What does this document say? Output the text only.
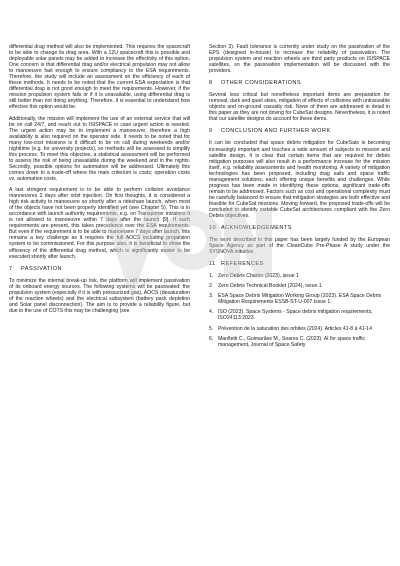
differential drag method will also be implemented. This requires the spacecraft to be able to change its drag area. With a 12U spacecraft this is possible and deployable solar panels may be added to increase the effectivity of this option. One concern is that differential drag and/or electrical propulsion may not allow to manoeuvre fast enough to ensure compliancy to the ESA requirements. Therefore, the study will include an assessment on the efficiency of each of these methods. It needs to be noted that the current ESA expectation is that differential drag is not good enough to meet the requirements. However, if the mission propulsion system fails or if it is unavailable, using differential drag is still better than not doing anything. Therefore, it is essential to understand how effective this option would be.

Additionally, the mission will implement the use of an external service that will be on call 24/7, and reach out to ISISPACE in case urgent action is needed. The urgent action may be to implement a manoeuvre, therefore a high availability is also required on the operator side. It needs to be noted that for many low-cost missions is it difficult to be on call during weekends and/or nighttime (e.g. for university projects), so methods will be assessed to simplify this process. To meet this objective, a statistical assessment will be performed to assess the risk of being unavailable during the weekend and in the nights. Secondly, possible options for automation will be addressed. Ultimately this comes down to a trade-off where the main criterium is costs; operation costs vs. automation costs.

A last stringent requirement is to be able to perform collision avoidance manoeuvres 2 days after orbit injection. On first thoughts, it is considered a high risk activity to manoeuvre so shortly after a rideshare launch, when most of the objects have not been properly identified yet (see Chapter 5). This is in accordance with launch authority requirements, e.g. on Transporter missions it is not allowed to manoeuvre within 7 days after the launch [9]. If such requirements are present, this takes precedence over the ESA requirements. But even if the requirement is to be able to manoeuvre 7 days after launch, this remains a key challenge as it requires the full AOCS including propulsion system to be commissioned. For this purpose also, it is beneficial to show the efficiency of the differential drag method, which is significantly easier to be executed shortly after launch.

7 PASSIVATION

To minimize the internal break-up risk, the platform will implement passivation of its onboard energy sources. The following systems will be passivated: the propulsion system (especially if it is with pressurized gas), AOCS (desaturation of the reaction wheels) and the electrical subsystem (battery pack depletion and Solar panel disconnection). The aim is to provide a reliability figure, but due to the use of COTS this may be challenging (see

Section 3). Fault tolerance is currently under study on the passivation of the EPS (designed in-house) to increase the reliability of passivation. The propulsion system and reaction wheels are third party products on ISISPACE satellites, so the passivation implementation will be discussed with the providers.

8 OTHER CONSIDERATIONS

Several less critical but nonetheless important items are preparation for removal, dark and quiet skies, mitigation of effects of collisions with untraceable objects and on-ground casualty risk. None of them are addressed in detail in this paper as they are not driving for CubeSat designs. Nevertheless, it is noted that our satellite designs do account for these items.

9 CONCLUSION AND FURTHER WORK

It can be concluded that space debris mitigation for CubeSats is becoming increasingly important and touches a wide amount of subjects in mission and satellite design. It is clear that certain items that are required for debris mitigation purposes will also result in a performance increase for the mission itself, e.g. reliability assessments and health monitoring. A variety of mitigation technologies has been proposed, including drag sails and space traffic management solutions, each offering unique benefits and challenges. While progress has been made in identifying these options, significant trade-offs remain to be addressed. Factors such as cost and operational complexity must be carefully balanced to ensure that mitigation strategies are both effective and feasible for CubeSat missions. Moving forward, the proposed trade-offs will be concluded to identify suitable CubeSat architectures compliant with the Zero Debris objectives.

10 ACKNOWLEDGEMENTS

The work described in this paper has been largely funded by the European Space Agency as part of the CleanCube Pre-Phase A study under the SYSNOVA initiative.

11 REFERENCES
1. Zero Debris Charter (2023), issue 1
2. Zero Debris Technical Booklet (2024), issue 1
3. ESA Space Debris Mitigation Working Group (2023). ESA Space Debris Mitigation Requirements ESSB-ST-U-007 Issue 1.
4. ISO (2023). Space Systems - Space debris mitigation requirements, ISO24113:2023.
5. Prévention de la saturation des orbites (2024). Articles 41-8 à 41-14
6. Manfletti C., Guimarães M., Soares C. (2023). AI for space traffic management, Journal of Space Safety
